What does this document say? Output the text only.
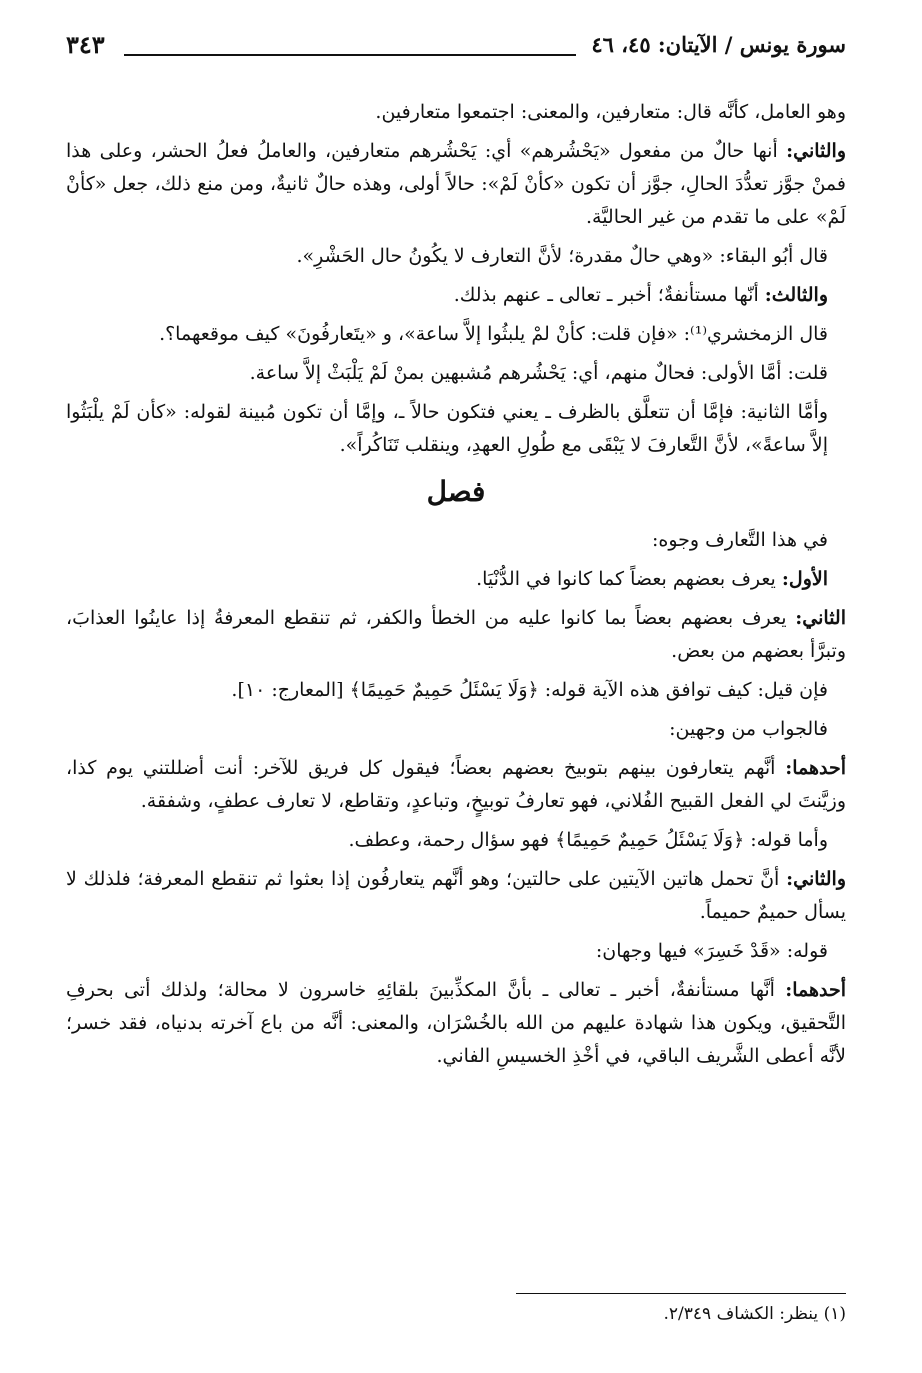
سورة يونس / الآيتان: ٤٥، ٤٦
٣٤٣

وهو العامل، كأنَّه قال: متعارفين، والمعنى: اجتمعوا متعارفين.

والثاني: أنها حالٌ من مفعول «يَحْشُرهم» أي: يَحْشُرهم متعارفين، والعاملُ فعلُ الحشر، وعلى هذا فمنْ جوَّز تعدُّدَ الحالِ، جوَّز أن تكون «كأنْ لَمْ»: حالاً أولى، وهذه حالٌ ثانيةٌ، ومن منع ذلك، جعل «كأنْ لَمْ» على ما تقدم من غير الحاليَّة.

قال أبُو البقاء: «وهي حالٌ مقدرة؛ لأنَّ التعارف لا يكُونُ حال الحَشْرِ».

والثالث: أنّها مستأنفةٌ؛ أخبر ـ تعالى ـ عنهم بذلك.

قال الزمخشري⁽¹⁾: «فإن قلت: كأنْ لمْ يلبثُوا إلاَّ ساعة»، و «يتَعارفُونَ» كيف موقعهما؟.

قلت: أمَّا الأولى: فحالٌ منهم، أي: يَحْشُرهم مُشبهين بمنْ لَمْ يَلْبَثْ إلاَّ ساعة.

وأمَّا الثانية: فإمَّا أن تتعلَّق بالظرف ـ يعني فتكون حالاً ـ، وإمَّا أن تكون مُبينة لقوله: «كأن لَمْ يلْبَثُوا إلاَّ ساعةً»، لأنَّ التَّعارفَ لا يَبْقَى مع طُولِ العهدِ، وينقلب تَنَاكُراً».

فصل

في هذا التَّعارف وجوه:

الأول: يعرف بعضهم بعضاً كما كانوا في الدُّنْيَا.

الثاني: يعرف بعضهم بعضاً بما كانوا عليه من الخطأ والكفر، ثم تنقطع المعرفةُ إذا عاينُوا العذابَ، وتبرَّأ بعضهم من بعض.

فإن قيل: كيف توافق هذه الآية قوله: ﴿وَلَا يَسْئَلُ حَمِيمٌ حَمِيمًا﴾ [المعارج: ١٠].

فالجواب من وجهين:

أحدهما: أنَّهم يتعارفون بينهم بتوبيخ بعضهم بعضاً؛ فيقول كل فريق للآخر: أنت أضللتني يوم كذا، وزيَّنتَ لي الفعل القبيح الفُلاني، فهو تعارفُ توبيخٍ، وتباعدٍ، وتقاطع، لا تعارف عطفٍ، وشفقة.

وأما قوله: ﴿وَلَا يَسْئَلُ حَمِيمٌ حَمِيمًا﴾ فهو سؤال رحمة، وعطف.

والثاني: أنَّ تحمل هاتين الآيتين على حالتين؛ وهو أنَّهم يتعارفُون إذا بعثوا ثم تنقطع المعرفة؛ فلذلك لا يسأل حميمٌ حميماً.

قوله: «قَدْ خَسِرَ» فيها وجهان:

أحدهما: أنَّها مستأنفةٌ، أخبر ـ تعالى ـ بأنَّ المكذِّبينَ بلقائِهِ خاسرون لا محالة؛ ولذلك أتى بحرفِ التَّحقيق، ويكون هذا شهادة عليهم من الله بالخُسْرَان، والمعنى: أنَّه من باع آخرته بدنياه، فقد خسر؛ لأنَّه أعطى الشَّريف الباقي، في أخْذِ الخسيسِ الفاني.

(١) ينظر: الكشاف ٢/٣٤٩.
